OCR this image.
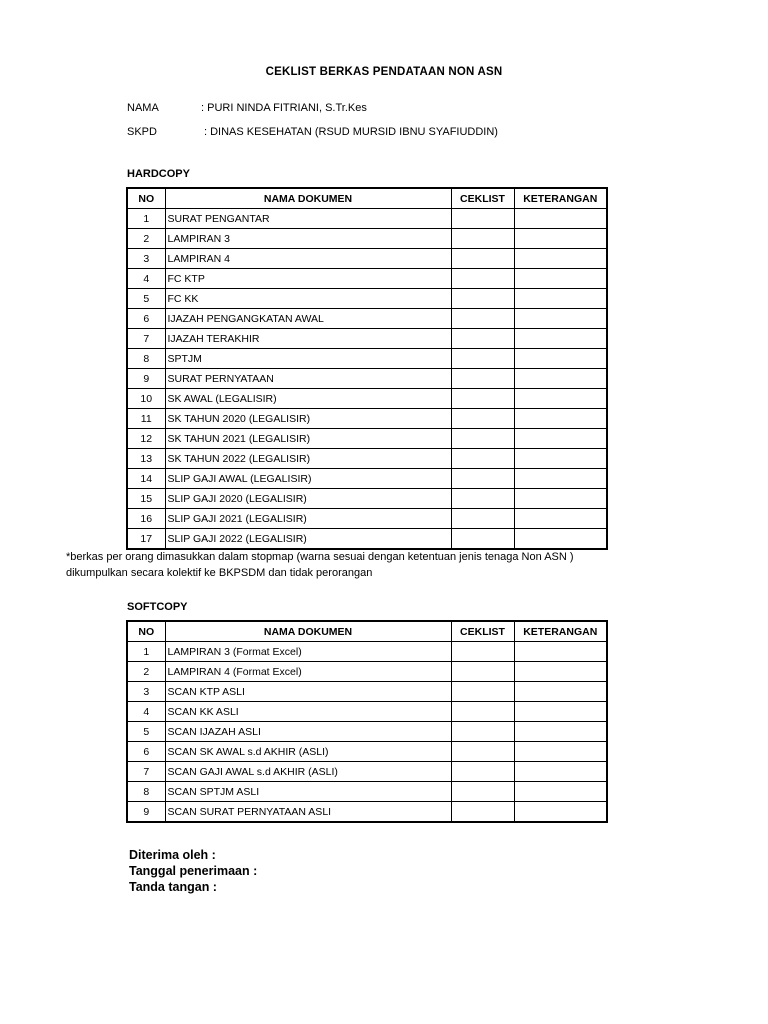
CEKLIST BERKAS PENDATAAN NON ASN
NAMA	: PURI NINDA FITRIANI, S.Tr.Kes
SKPD	: DINAS KESEHATAN (RSUD MURSID IBNU SYAFIUDDIN)
HARDCOPY
NO	NAMA DOKUMEN	CEKLIST	KETERANGAN
1	SURAT PENGANTAR		
2	LAMPIRAN 3		
3	LAMPIRAN 4		
4	FC KTP		
5	FC KK		
6	IJAZAH PENGANGKATAN AWAL		
7	IJAZAH TERAKHIR		
8	SPTJM		
9	SURAT PERNYATAAN		
10	SK AWAL (LEGALISIR)		
11	SK TAHUN 2020 (LEGALISIR)		
12	SK TAHUN 2021 (LEGALISIR)		
13	SK TAHUN 2022 (LEGALISIR)		
14	SLIP GAJI AWAL (LEGALISIR)		
15	SLIP GAJI 2020 (LEGALISIR)		
16	SLIP GAJI 2021 (LEGALISIR)		
17	SLIP GAJI 2022 (LEGALISIR)		
*berkas per orang dimasukkan dalam stopmap (warna sesuai dengan ketentuan jenis tenaga Non ASN )
dikumpulkan secara kolektif ke BKPSDM dan tidak perorangan
SOFTCOPY
NO	NAMA DOKUMEN	CEKLIST	KETERANGAN
1	LAMPIRAN 3 (Format Excel)		
2	LAMPIRAN 4 (Format Excel)		
3	SCAN KTP ASLI		
4	SCAN KK ASLI		
5	SCAN IJAZAH ASLI		
6	SCAN SK AWAL s.d AKHIR (ASLI)		
7	SCAN GAJI AWAL s.d AKHIR (ASLI)		
8	SCAN SPTJM ASLI		
9	SCAN SURAT PERNYATAAN ASLI		
Diterima oleh :
Tanggal penerimaan :
Tanda tangan :
